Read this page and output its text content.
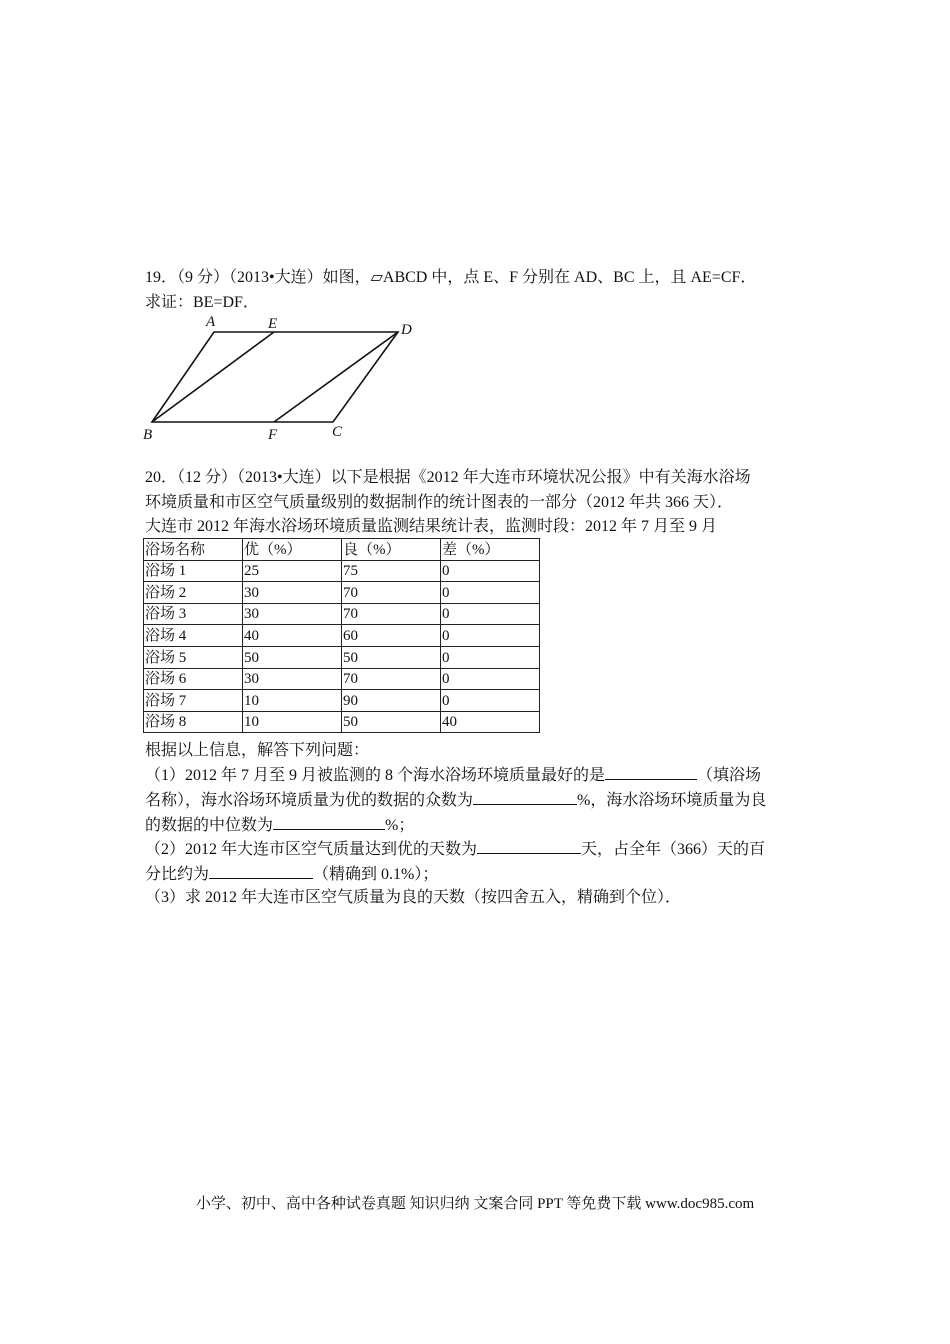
19．（9 分）（2013•大连）如图，▱ABCD 中，点 E、F 分别在 AD、BC 上，且 AE=CF．
求证：BE=DF．
A	E	D
B	F	C
20．（12 分）（2013•大连）以下是根据《2012 年大连市环境状况公报》中有关海水浴场
环境质量和市区空气质量级别的数据制作的统计图表的一部分（2012 年共 366 天）．
大连市 2012 年海水浴场环境质量监测结果统计表，监测时段：2012 年 7 月至 9 月
浴场名称	优（%）	良（%）	差（%）
浴场 1	25	75	0
浴场 2	30	70	0
浴场 3	30	70	0
浴场 4	40	60	0
浴场 5	50	50	0
浴场 6	30	70	0
浴场 7	10	90	0
浴场 8	10	50	40
根据以上信息，解答下列问题：
（1）2012 年 7 月至 9 月被监测的 8 个海水浴场环境质量最好的是	（填浴场
名称），海水浴场环境质量为优的数据的众数为	%，海水浴场环境质量为良
的数据的中位数为	%；
（2）2012 年大连市区空气质量达到优的天数为	天，占全年（366）天的百
分比约为	（精确到 0.1%）；
（3）求 2012 年大连市区空气质量为良的天数（按四舍五入，精确到个位）．
小学、初中、高中各种试卷真题 知识归纳 文案合同 PPT 等免费下载 www.doc985.com
